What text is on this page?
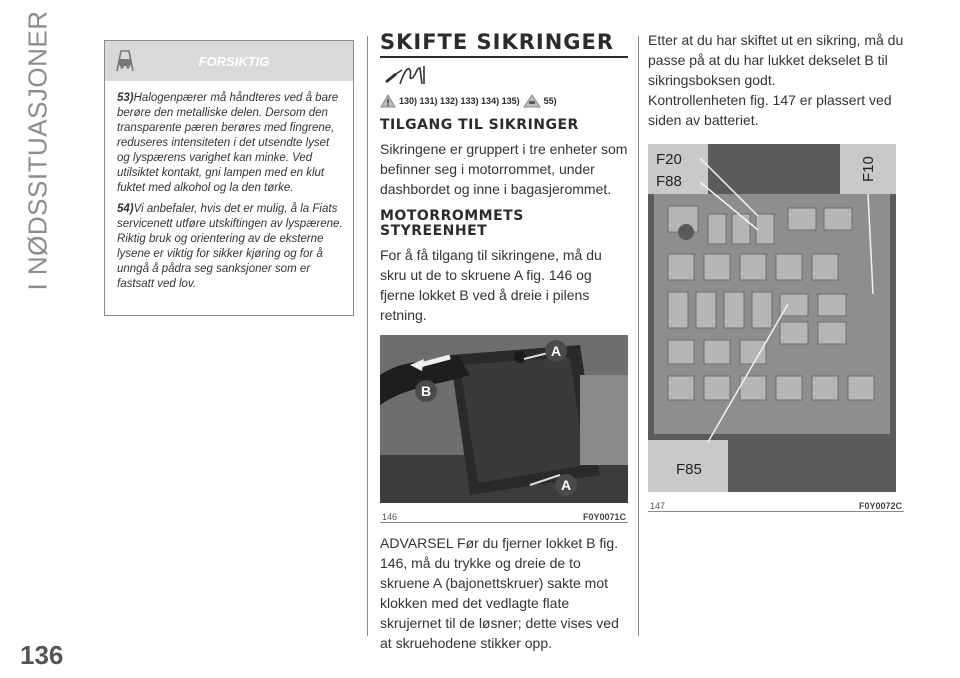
I NØDSSITUASJONER
136
FORSIKTIG

53)Halogenpærer må håndteres ved å bare berøre den metalliske delen. Dersom den transparente pæren berøres med fingrene, reduseres intensiteten i det utsendte lyset og lyspærens varighet kan minke. Ved utilsiktet kontakt, gni lampen med en klut fuktet med alkohol og la den tørke.

54)Vi anbefaler, hvis det er mulig, å la Fiats servicenett utføre utskiftingen av lyspærene. Riktig bruk og orientering av de eksterne lysene er viktig for sikker kjøring og for å unngå å pådra seg sanksjoner som er fastsatt ved lov.

SKIFTE SIKRINGER
130) 131) 132) 133) 134) 135)	55)
TILGANG TIL SIKRINGER

Sikringene er gruppert i tre enheter som befinner seg i motorrommet, under dashbordet og inne i bagasjerommet.

MOTORROMMETS STYREENHET

For å få tilgang til sikringene, må du skru ut de to skruene A fig. 146 og fjerne lokket B ved å dreie i pilens retning.

A
B
A
146	F0Y0071C

ADVARSEL Før du fjerner lokket B fig. 146, må du trykke og dreie de to skruene A (bajonettskruer) sakte mot klokken med det vedlagte flate skrujernet til de løsner; dette vises ved at skruehodene stikker opp.

Etter at du har skiftet ut en sikring, må du passe på at du har lukket dekselet B til sikringsboksen godt.

Kontrollenheten fig. 147 er plassert ved siden av batteriet.

F20
F88	F10
F85
147	F0Y0072C
